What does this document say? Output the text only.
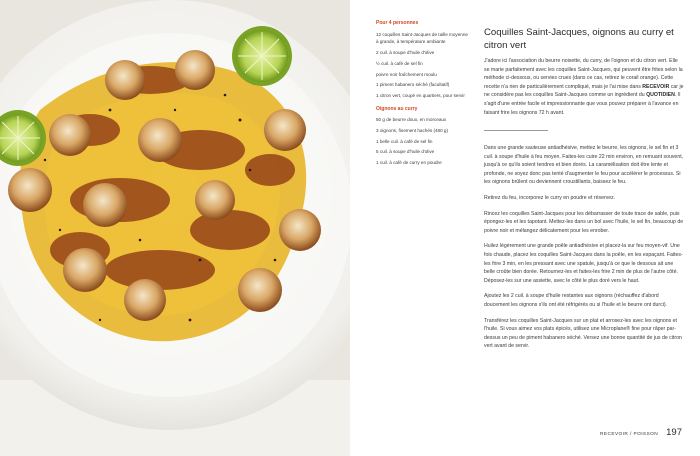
Pour 4 personnes
12 coquilles Saint-Jacques de taille moyenne à grande, à température ambiante
2 cuil. à soupe d'huile d'olive
½ cuil. à café de sel fin
poivre noir fraîchement moulu
1 piment habanero séché (facultatif)
1 citron vert, coupé en quartiers, pour servir
Oignons au curry
50 g de beurre doux, en morceaux
3 oignons, finement hachés (480 g)
1 belle cuil. à café de sel fin
5 cuil. à soupe d'huile d'olive
1 cuil. à café de curry en poudre
Coquilles Saint-Jacques, oignons au curry et citron vert
J'adore ici l'association du beurre noisette, du curry, de l'oignon et du citron vert. Elle se marie parfaitement avec les coquilles Saint-Jacques, qui peuvent être frites selon la méthode ci-dessous, ou servies crues (dans ce cas, retirez le corail orange). Cette recette n'a rien de particulièrement compliqué, mais je l'ai mise dans RECEVOIR car je ne considère pas les coquilles Saint-Jacques comme un ingrédient du QUOTIDIEN. Il s'agit d'une entrée facile et impressionnante que vous pouvez préparer à l'avance en faisant frire les oignons 72 h avant.

Dans une grande sauteuse antiadhésive, mettez le beurre, les oignons, le sel fin et 3 cuil. à soupe d'huile à feu moyen. Faites-les cuire 22 min environ, en remuant souvent, jusqu'à ce qu'ils soient tendres et bien dorés. La caramélisation doit être lente et profonde, ne soyez donc pas tenté d'augmenter le feu pour accélérer le processus. Si les oignons brûlent ou deviennent croustillants, baissez le feu.

Retirez du feu, incorporez le curry en poudre et réservez.

Rincez les coquilles Saint-Jacques pour les débarrasser de toute trace de sable, puis épongez-les et les tapotant. Mettez-les dans un bol avec l'huile, le sel fin, beaucoup de poivre noir et mélangez délicatement pour les enrober.

Huilez légèrement une grande poêle antiadhésive et placez-la sur feu moyen-vif. Une fois chaude, placez les coquilles Saint-Jacques dans la poêle, en les espaçant. Faites-les frire 3 min, en les pressant avec une spatule, jusqu'à ce que le dessous ait une belle croûte bien dorée. Retournez-les et faites-les frire 2 min de plus de l'autre côté. Déposez-les sur une assiette, avec le côté le plus doré vers le haut.

Ajoutez les 2 cuil. à soupe d'huile restantes aux oignons (réchauffez d'abord doucement les oignons s'ils ont été réfrigérés ou si l'huile et le beurre ont durci).

Transférez les coquilles Saint-Jacques sur un plat et arrosez-les avec les oignons et l'huile. Si vous aimez vos plats épicés, utilisez une Microplane® fine pour râper par-dessus un peu de piment habanero séché. Versez une bonne quantité de jus de citron vert avant de servir.

RECEVOIR / POISSON 197
